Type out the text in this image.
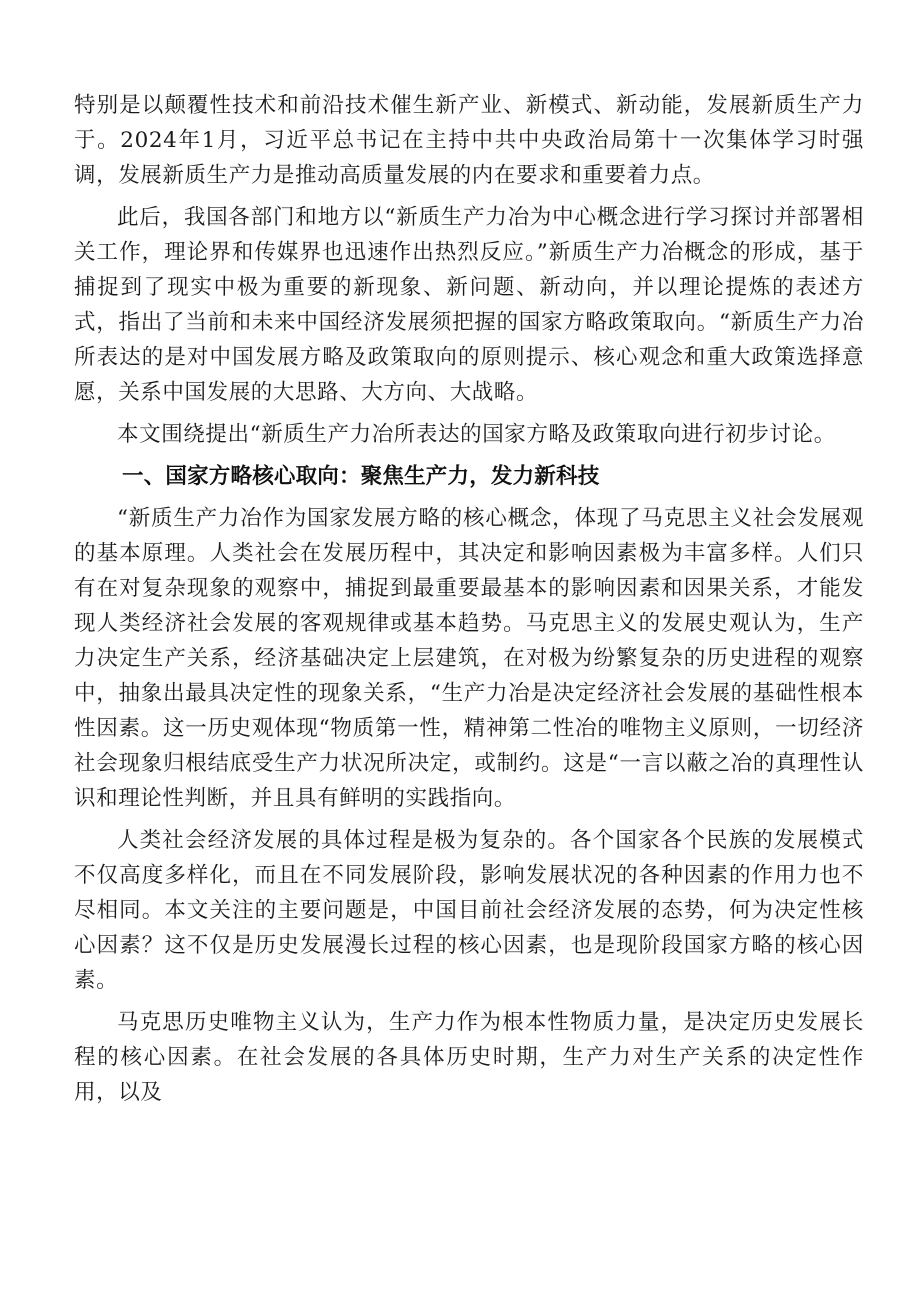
特别是以颠覆性技术和前沿技术催生新产业、新模式、新动能，发展新质生产力于。2024年1月，习近平总书记在主持中共中央政治局第十一次集体学习时强调，发展新质生产力是推动高质量发展的内在要求和重要着力点。

此后，我国各部门和地方以“新质生产力冶为中心概念进行学习探讨并部署相关工作，理论界和传媒界也迅速作出热烈反应。”新质生产力冶概念的形成，基于捕捉到了现实中极为重要的新现象、新问题、新动向，并以理论提炼的表述方式，指出了当前和未来中国经济发展须把握的国家方略政策取向。“新质生产力冶所表达的是对中国发展方略及政策取向的原则提示、核心观念和重大政策选择意愿，关系中国发展的大思路、大方向、大战略。

本文围绕提出“新质生产力冶所表达的国家方略及政策取向进行初步讨论。

一、国家方略核心取向：聚焦生产力，发力新科技

“新质生产力冶作为国家发展方略的核心概念，体现了马克思主义社会发展观的基本原理。人类社会在发展历程中，其决定和影响因素极为丰富多样。人们只有在对复杂现象的观察中，捕捉到最重要最基本的影响因素和因果关系，才能发现人类经济社会发展的客观规律或基本趋势。马克思主义的发展史观认为，生产力决定生产关系，经济基础决定上层建筑，在对极为纷繁复杂的历史进程的观察中，抽象出最具决定性的现象关系，“生产力冶是决定经济社会发展的基础性根本性因素。这一历史观体现“物质第一性，精神第二性冶的唯物主义原则，一切经济社会现象归根结底受生产力状况所决定，或制约。这是“一言以蔽之冶的真理性认识和理论性判断，并且具有鲜明的实践指向。

人类社会经济发展的具体过程是极为复杂的。各个国家各个民族的发展模式不仅高度多样化，而且在不同发展阶段，影响发展状况的各种因素的作用力也不尽相同。本文关注的主要问题是，中国目前社会经济发展的态势，何为决定性核心因素？这不仅是历史发展漫长过程的核心因素，也是现阶段国家方略的核心因素。

马克思历史唯物主义认为，生产力作为根本性物质力量，是决定历史发展长程的核心因素。在社会发展的各具体历史时期，生产力对生产关系的决定性作用，以及
